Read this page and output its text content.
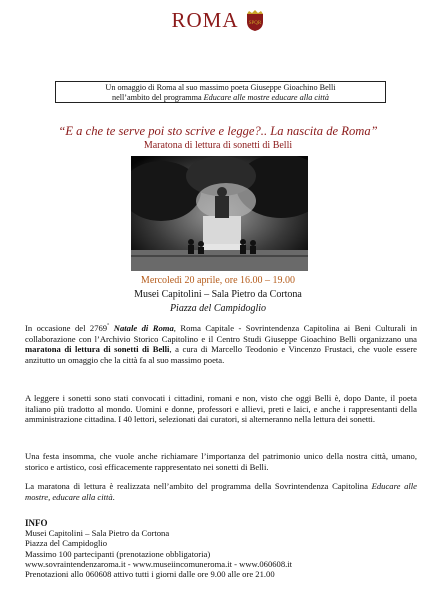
ROMA SPQR
Un omaggio di Roma al suo massimo poeta Giuseppe Gioachino Belli
nell’ambito del programma Educare alle mostre educare alla città
“E a che te serve poi sto scrive e legge?.. La nascita de Roma”
Maratona di lettura di sonetti di Belli
Mercoledì 20 aprile, ore 16.00 – 19.00
Musei Capitolini – Sala Pietro da Cortona
Piazza del Campidoglio
In occasione del 2769° Natale di Roma, Roma Capitale - Sovrintendenza Capitolina ai Beni Culturali in collaborazione con l’Archivio Storico Capitolino e il Centro Studi Giuseppe Gioachino Belli organizzano una maratona di lettura di sonetti di Belli, a cura di Marcello Teodonio e Vincenzo Frustaci, che vuole essere anzitutto un omaggio che la città fa al suo massimo poeta.
A leggere i sonetti sono stati convocati i cittadini, romani e non, visto che oggi Belli è, dopo Dante, il poeta italiano più tradotto al mondo. Uomini e donne, professori e allievi, preti e laici, e anche i rappresentanti della amministrazione cittadina. I 40 lettori, selezionati dai curatori, si alterneranno nella lettura dei sonetti.
Una festa insomma, che vuole anche richiamare l’importanza del patrimonio unico della nostra città, umano, storico e artistico, così efficacemente rappresentato nei sonetti di Belli.
La maratona di lettura è realizzata nell’ambito del programma della Sovrintendenza Capitolina Educare alle mostre, educare alla città.
INFO
Musei Capitolini – Sala Pietro da Cortona
Piazza del Campidoglio
Massimo 100 partecipanti (prenotazione obbligatoria)
www.sovraintendenzaroma.it - www.museiincomuneroma.it - www.060608.it
Prenotazioni allo 060608 attivo tutti i giorni dalle ore 9.00 alle ore 21.00
